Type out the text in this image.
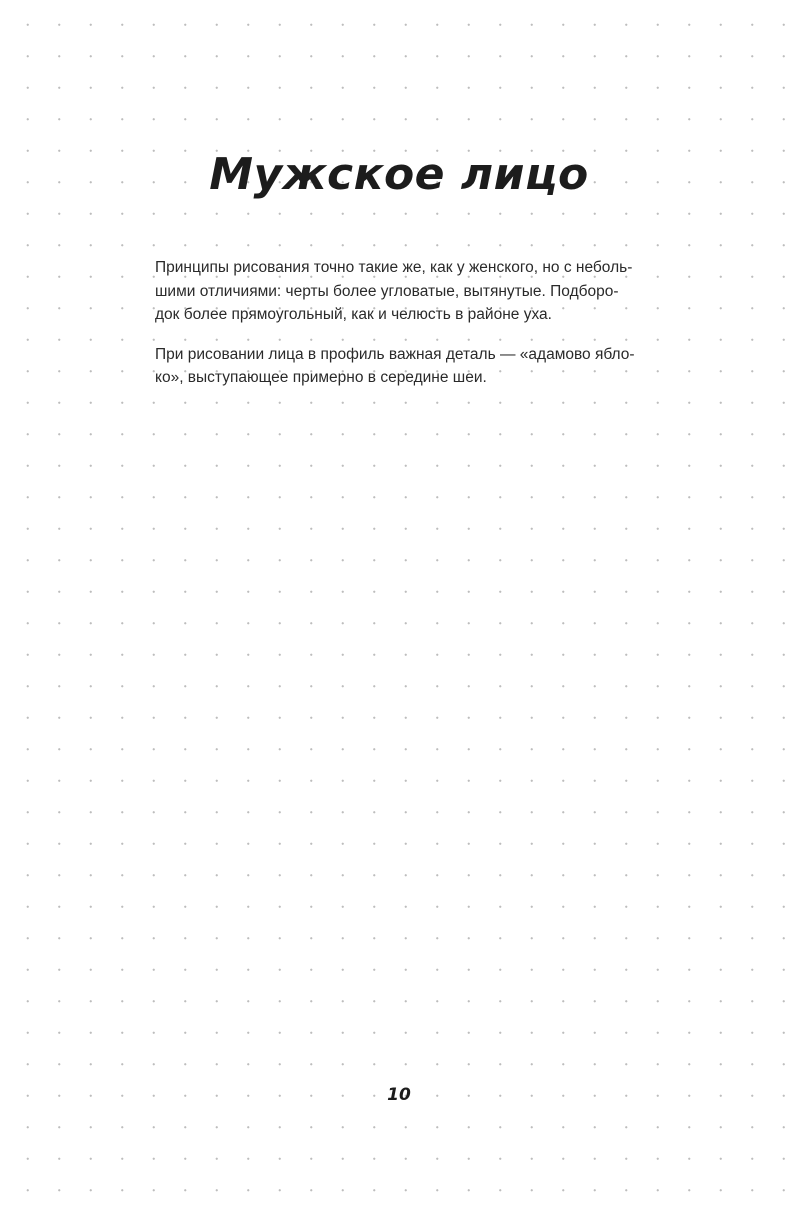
Мужское лицо

Принципы рисования точно такие же, как у женского, но с неболь-
шими отличиями: черты более угловатые, вытянутые. Подборо-
док более прямоугольный, как и челюсть в районе уха.

При рисовании лица в профиль важная деталь — «адамово ябло-
ко», выступающее примерно в середине шеи.

10
